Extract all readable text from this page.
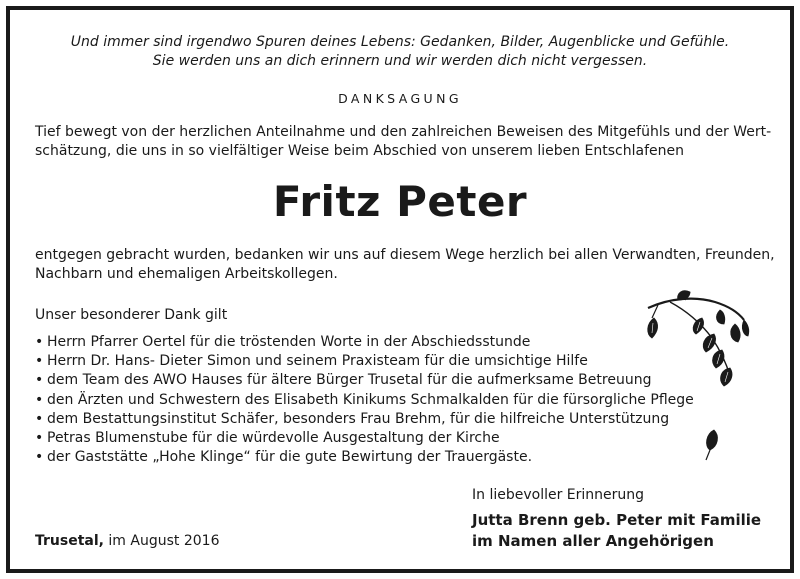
Und immer sind irgendwo Spuren deines Lebens: Gedanken, Bilder, Augenblicke und Gefühle.
Sie werden uns an dich erinnern und wir werden dich nicht vergessen.
DANKSAGUNG
Tief bewegt von der herzlichen Anteilnahme und den zahlreichen Beweisen des Mitgefühls und der Wert-
schätzung, die uns in so vielfältiger Weise beim Abschied von unserem lieben Entschlafenen
Fritz Peter
entgegen gebracht wurden, bedanken wir uns auf diesem Wege herzlich bei allen Verwandten, Freunden,
Nachbarn und ehemaligen Arbeitskollegen.
Unser besonderer Dank gilt
• Herrn Pfarrer Oertel für die tröstenden Worte in der Abschiedsstunde
• Herrn Dr. Hans- Dieter Simon und seinem Praxisteam für die umsichtige Hilfe
• dem Team des AWO Hauses für ältere Bürger Trusetal für die aufmerksame Betreuung
• den Ärzten und Schwestern des Elisabeth Kinikums Schmalkalden für die fürsorgliche Pflege
• dem Bestattungsinstitut Schäfer, besonders Frau Brehm, für die hilfreiche Unterstützung
• Petras Blumenstube für die würdevolle Ausgestaltung der Kirche
• der Gaststätte „Hohe Klinge“ für die gute Bewirtung der Trauergäste.
In liebevoller Erinnerung
Jutta Brenn geb. Peter mit Familie
im Namen aller Angehörigen
Trusetal, im August 2016
